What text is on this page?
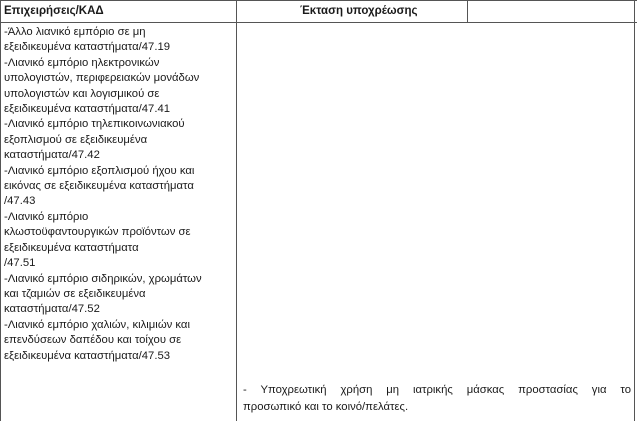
Επιχειρήσεις/ΚΑΔ	Έκταση υποχρέωσης
-Άλλο λιανικό εμπόριο σε μη
εξειδικευμένα καταστήματα/47.19
-Λιανικό εμπόριο ηλεκτρονικών
υπολογιστών, περιφερειακών μονάδων
υπολογιστών και λογισμικού σε
εξειδικευμένα καταστήματα/47.41
-Λιανικό εμπόριο τηλεπικοινωνιακού
εξοπλισμού σε εξειδικευμένα
καταστήματα/47.42
-Λιανικό εμπόριο εξοπλισμού ήχου και
εικόνας σε εξειδικευμένα καταστήματα
/47.43
-Λιανικό εμπόριο
κλωστοϋφαντουργικών προϊόντων σε
εξειδικευμένα καταστήματα
/47.51
-Λιανικό εμπόριο σιδηρικών, χρωμάτων
και τζαμιών σε εξειδικευμένα
καταστήματα/47.52
-Λιανικό εμπόριο χαλιών, κιλιμιών και
επενδύσεων δαπέδου και τοίχου σε
εξειδικευμένα καταστήματα/47.53
- Υποχρεωτική χρήση μη ιατρικής μάσκας προστασίας για το
προσωπικό και το κοινό/πελάτες.
